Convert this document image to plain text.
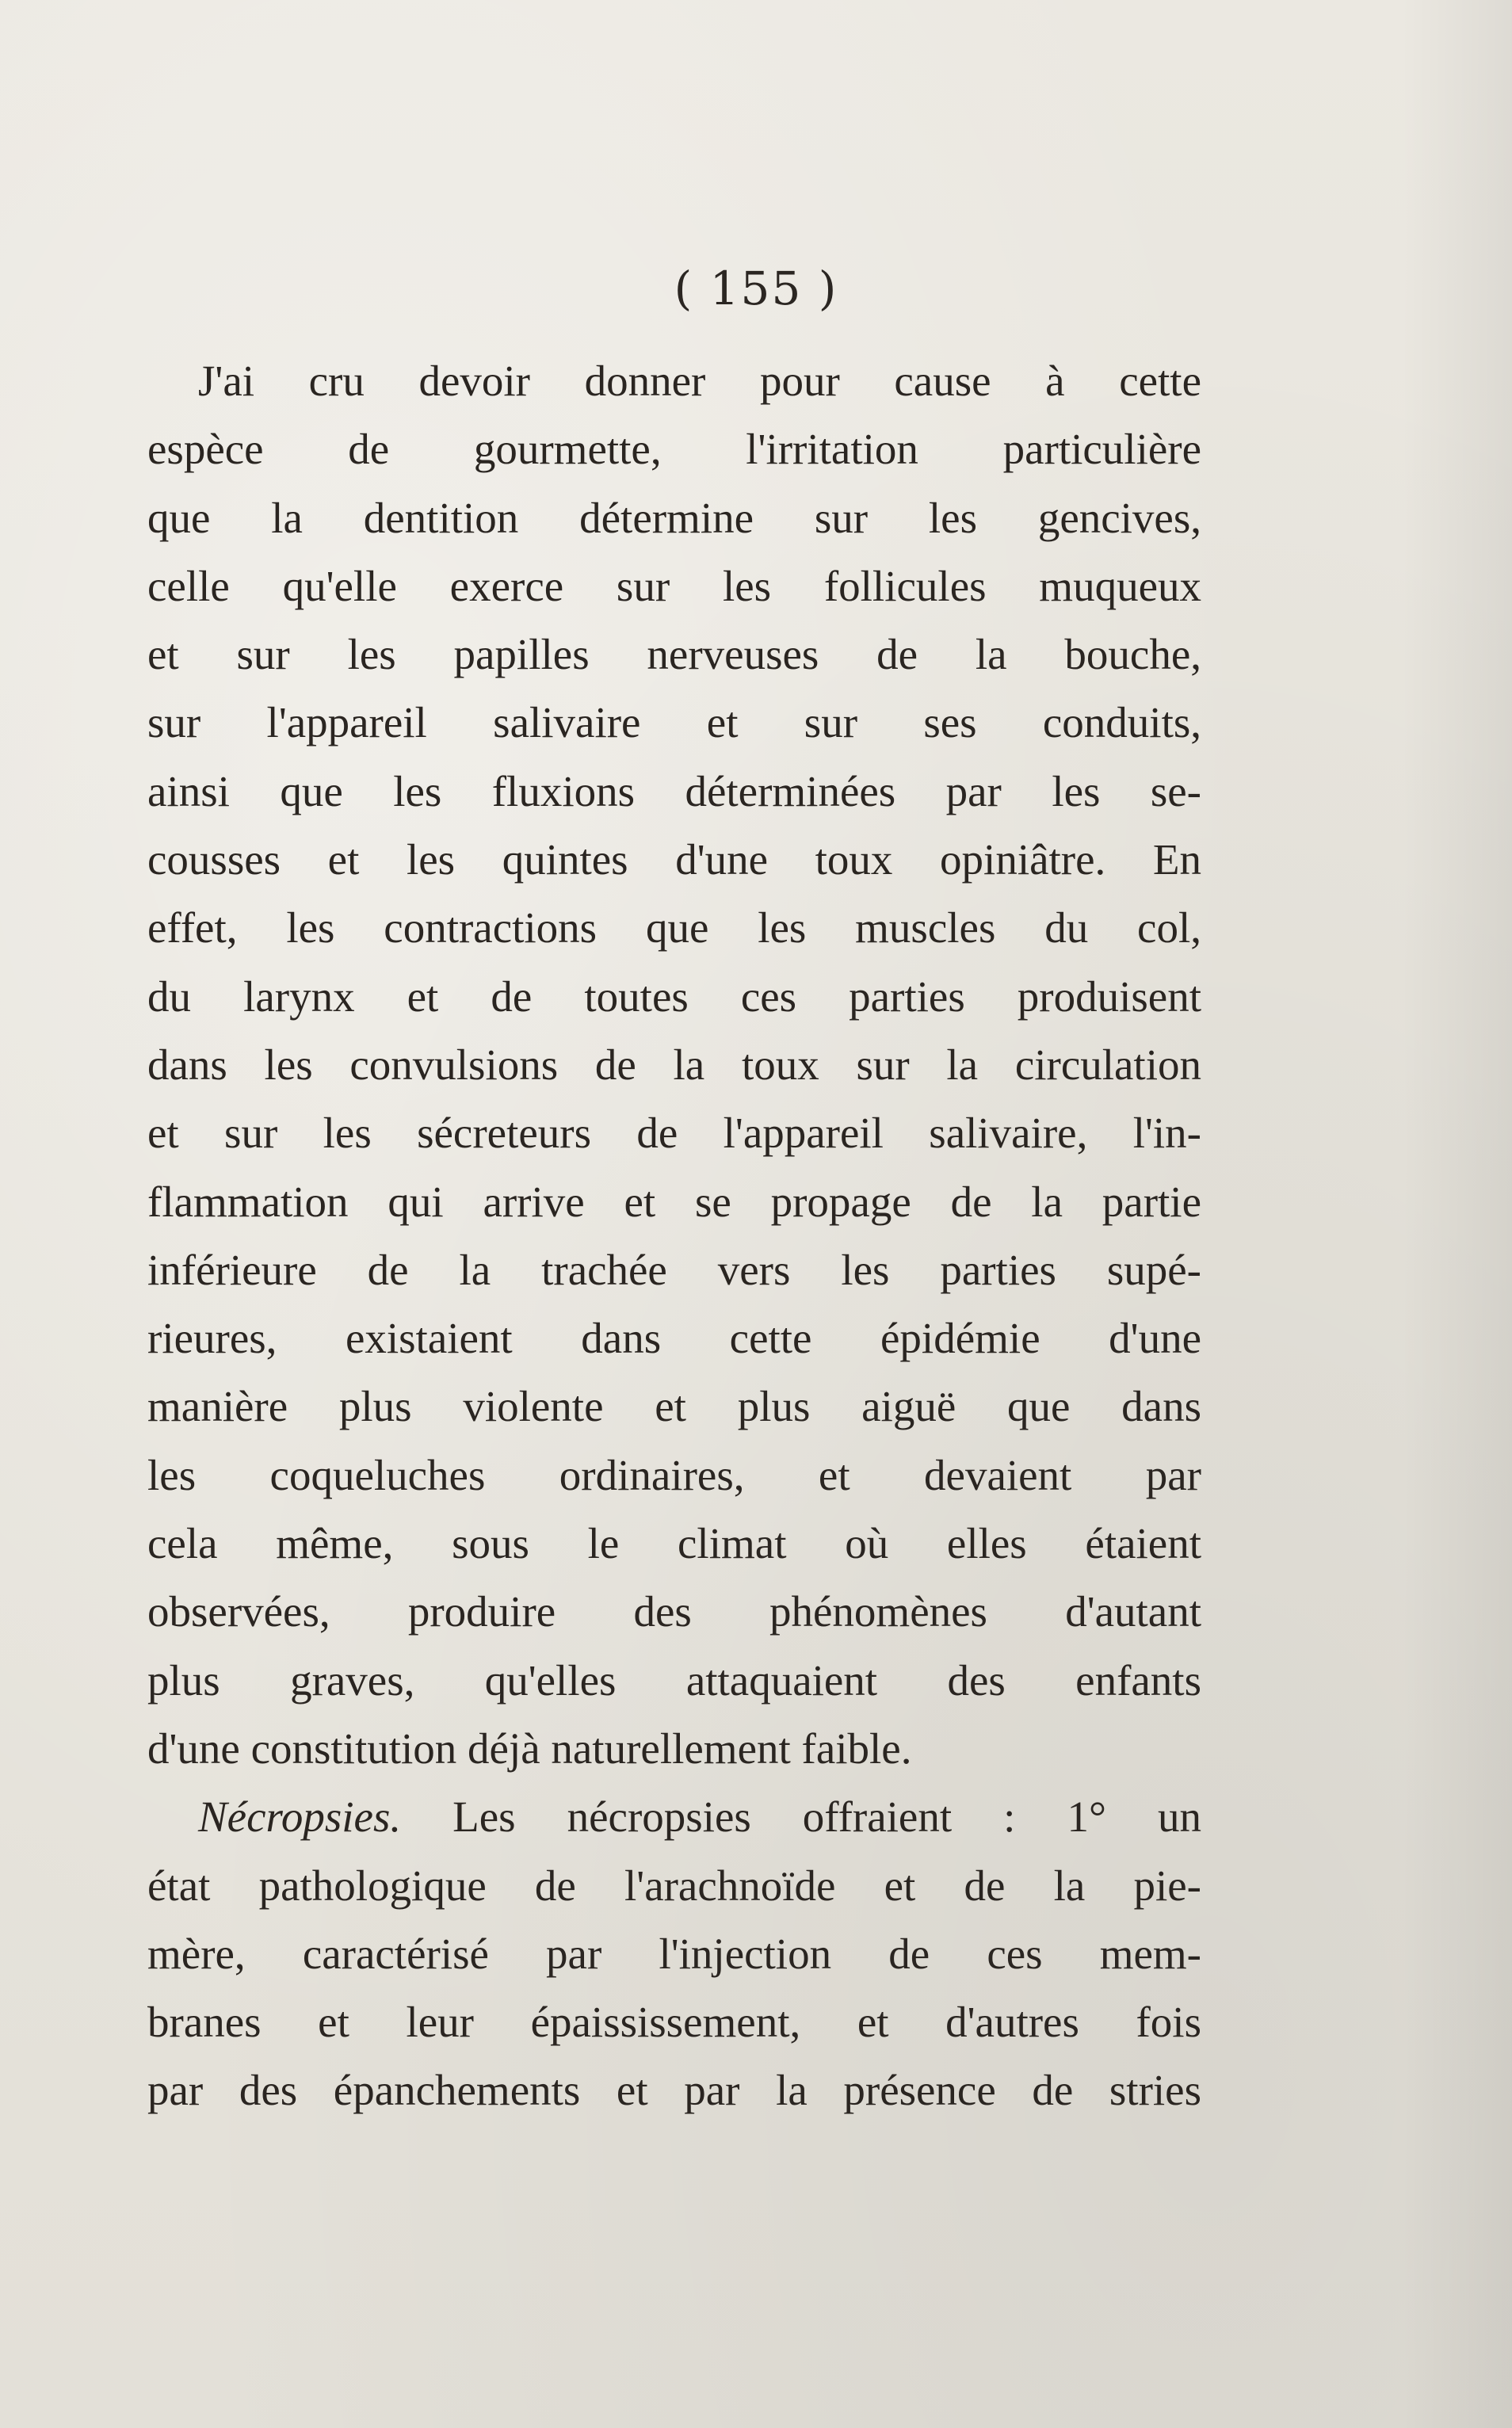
( 155 )
J'ai cru devoir donner pour cause à cette
espèce de gourmette, l'irritation particulière
que la dentition détermine sur les gencives,
celle qu'elle exerce sur les follicules muqueux
et sur les papilles nerveuses de la bouche,
sur l'appareil salivaire et sur ses conduits,
ainsi que les fluxions déterminées par les se-
cousses et les quintes d'une toux opiniâtre. En
effet, les contractions que les muscles du col,
du larynx et de toutes ces parties produisent
dans les convulsions de la toux sur la circulation
et sur les sécreteurs de l'appareil salivaire, l'in-
flammation qui arrive et se propage de la partie
inférieure de la trachée vers les parties supé-
rieures, existaient dans cette épidémie d'une
manière plus violente et plus aiguë que dans
les coqueluches ordinaires, et devaient par
cela même, sous le climat où elles étaient
observées, produire des phénomènes d'autant
plus graves, qu'elles attaquaient des enfants
d'une constitution déjà naturellement faible.
Nécropsies. Les nécropsies offraient : 1° un
état pathologique de l'arachnoïde et de la pie-
mère, caractérisé par l'injection de ces mem-
branes et leur épaississement, et d'autres fois
par des épanchements et par la présence de stries
